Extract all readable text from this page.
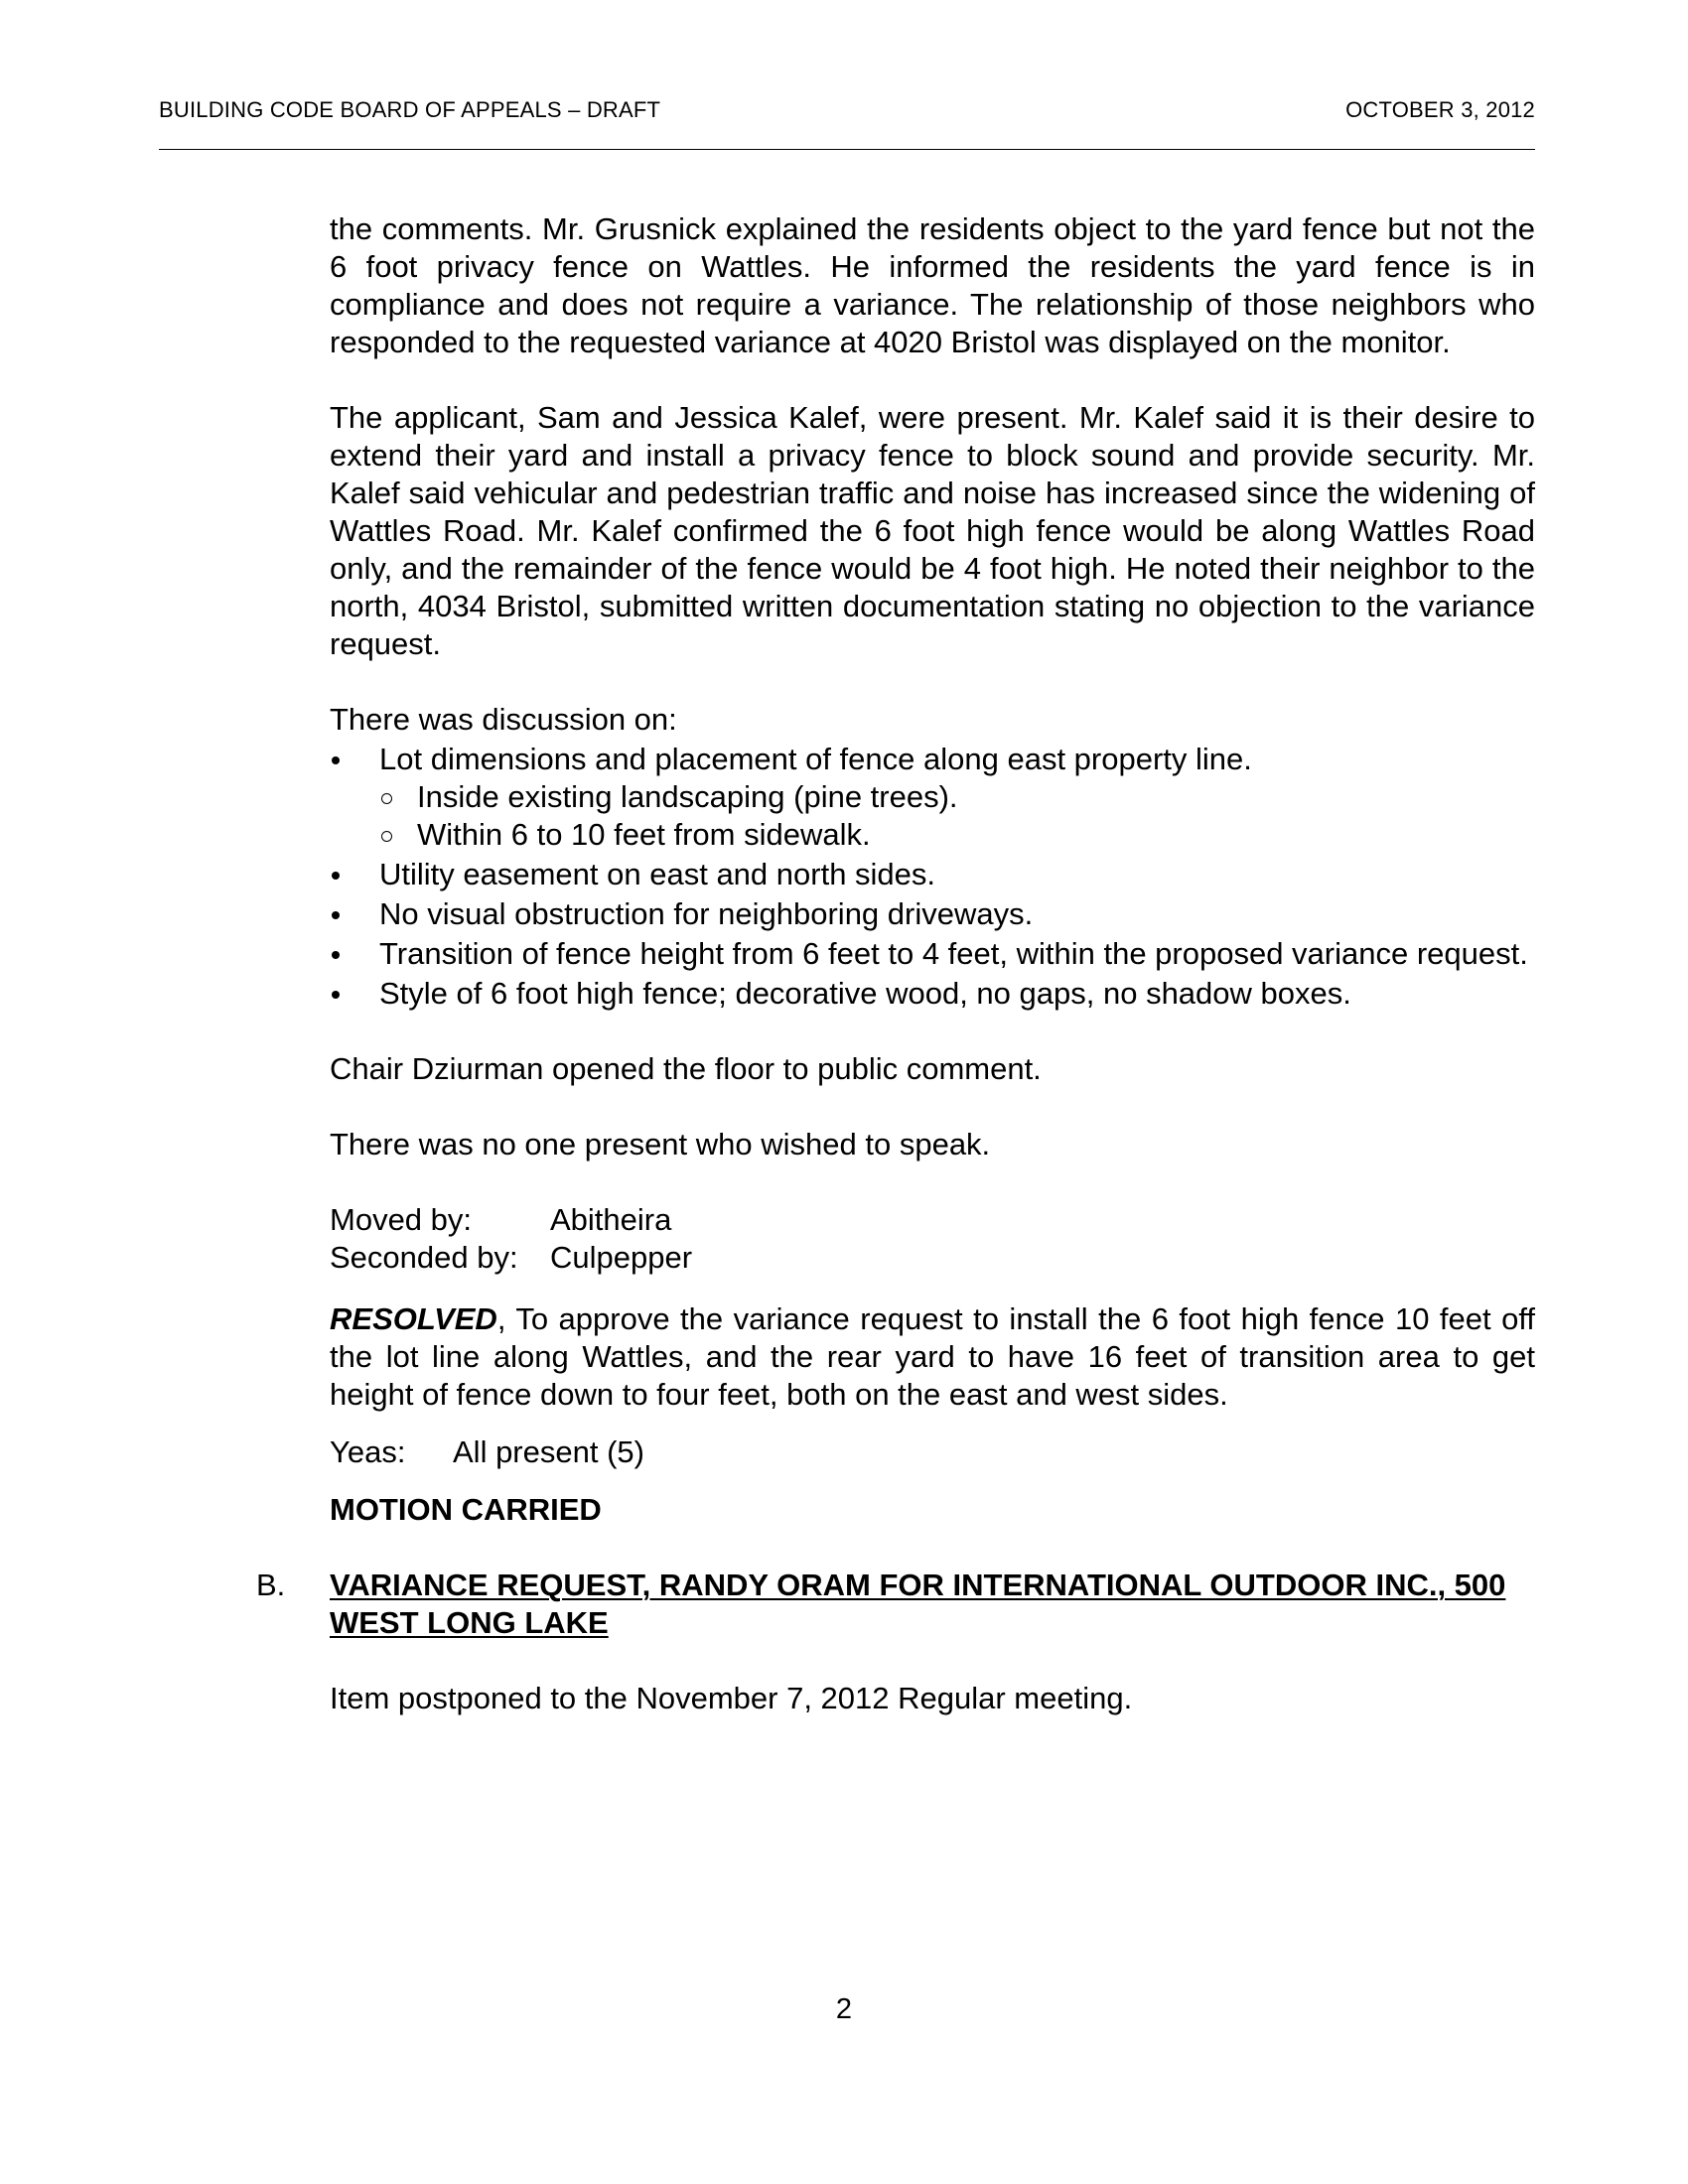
BUILDING CODE BOARD OF APPEALS – DRAFT	OCTOBER 3, 2012

the comments. Mr. Grusnick explained the residents object to the yard fence but not the 6 foot privacy fence on Wattles. He informed the residents the yard fence is in compliance and does not require a variance. The relationship of those neighbors who responded to the requested variance at 4020 Bristol was displayed on the monitor.

The applicant, Sam and Jessica Kalef, were present. Mr. Kalef said it is their desire to extend their yard and install a privacy fence to block sound and provide security. Mr. Kalef said vehicular and pedestrian traffic and noise has increased since the widening of Wattles Road. Mr. Kalef confirmed the 6 foot high fence would be along Wattles Road only, and the remainder of the fence would be 4 foot high. He noted their neighbor to the north, 4034 Bristol, submitted written documentation stating no objection to the variance request.

There was discussion on:

Lot dimensions and placement of fence along east property line.
Inside existing landscaping (pine trees).
Within 6 to 10 feet from sidewalk.
Utility easement on east and north sides.
No visual obstruction for neighboring driveways.
Transition of fence height from 6 feet to 4 feet, within the proposed variance request.
Style of 6 foot high fence; decorative wood, no gaps, no shadow boxes.

Chair Dziurman opened the floor to public comment.

There was no one present who wished to speak.

Moved by:	Abitheira
Seconded by:	Culpepper

RESOLVED, To approve the variance request to install the 6 foot high fence 10 feet off the lot line along Wattles, and the rear yard to have 16 feet of transition area to get height of fence down to four feet, both on the east and west sides.

Yeas:	All present (5)

MOTION CARRIED

B. VARIANCE REQUEST, RANDY ORAM FOR INTERNATIONAL OUTDOOR INC., 500 WEST LONG LAKE

Item postponed to the November 7, 2012 Regular meeting.

2
